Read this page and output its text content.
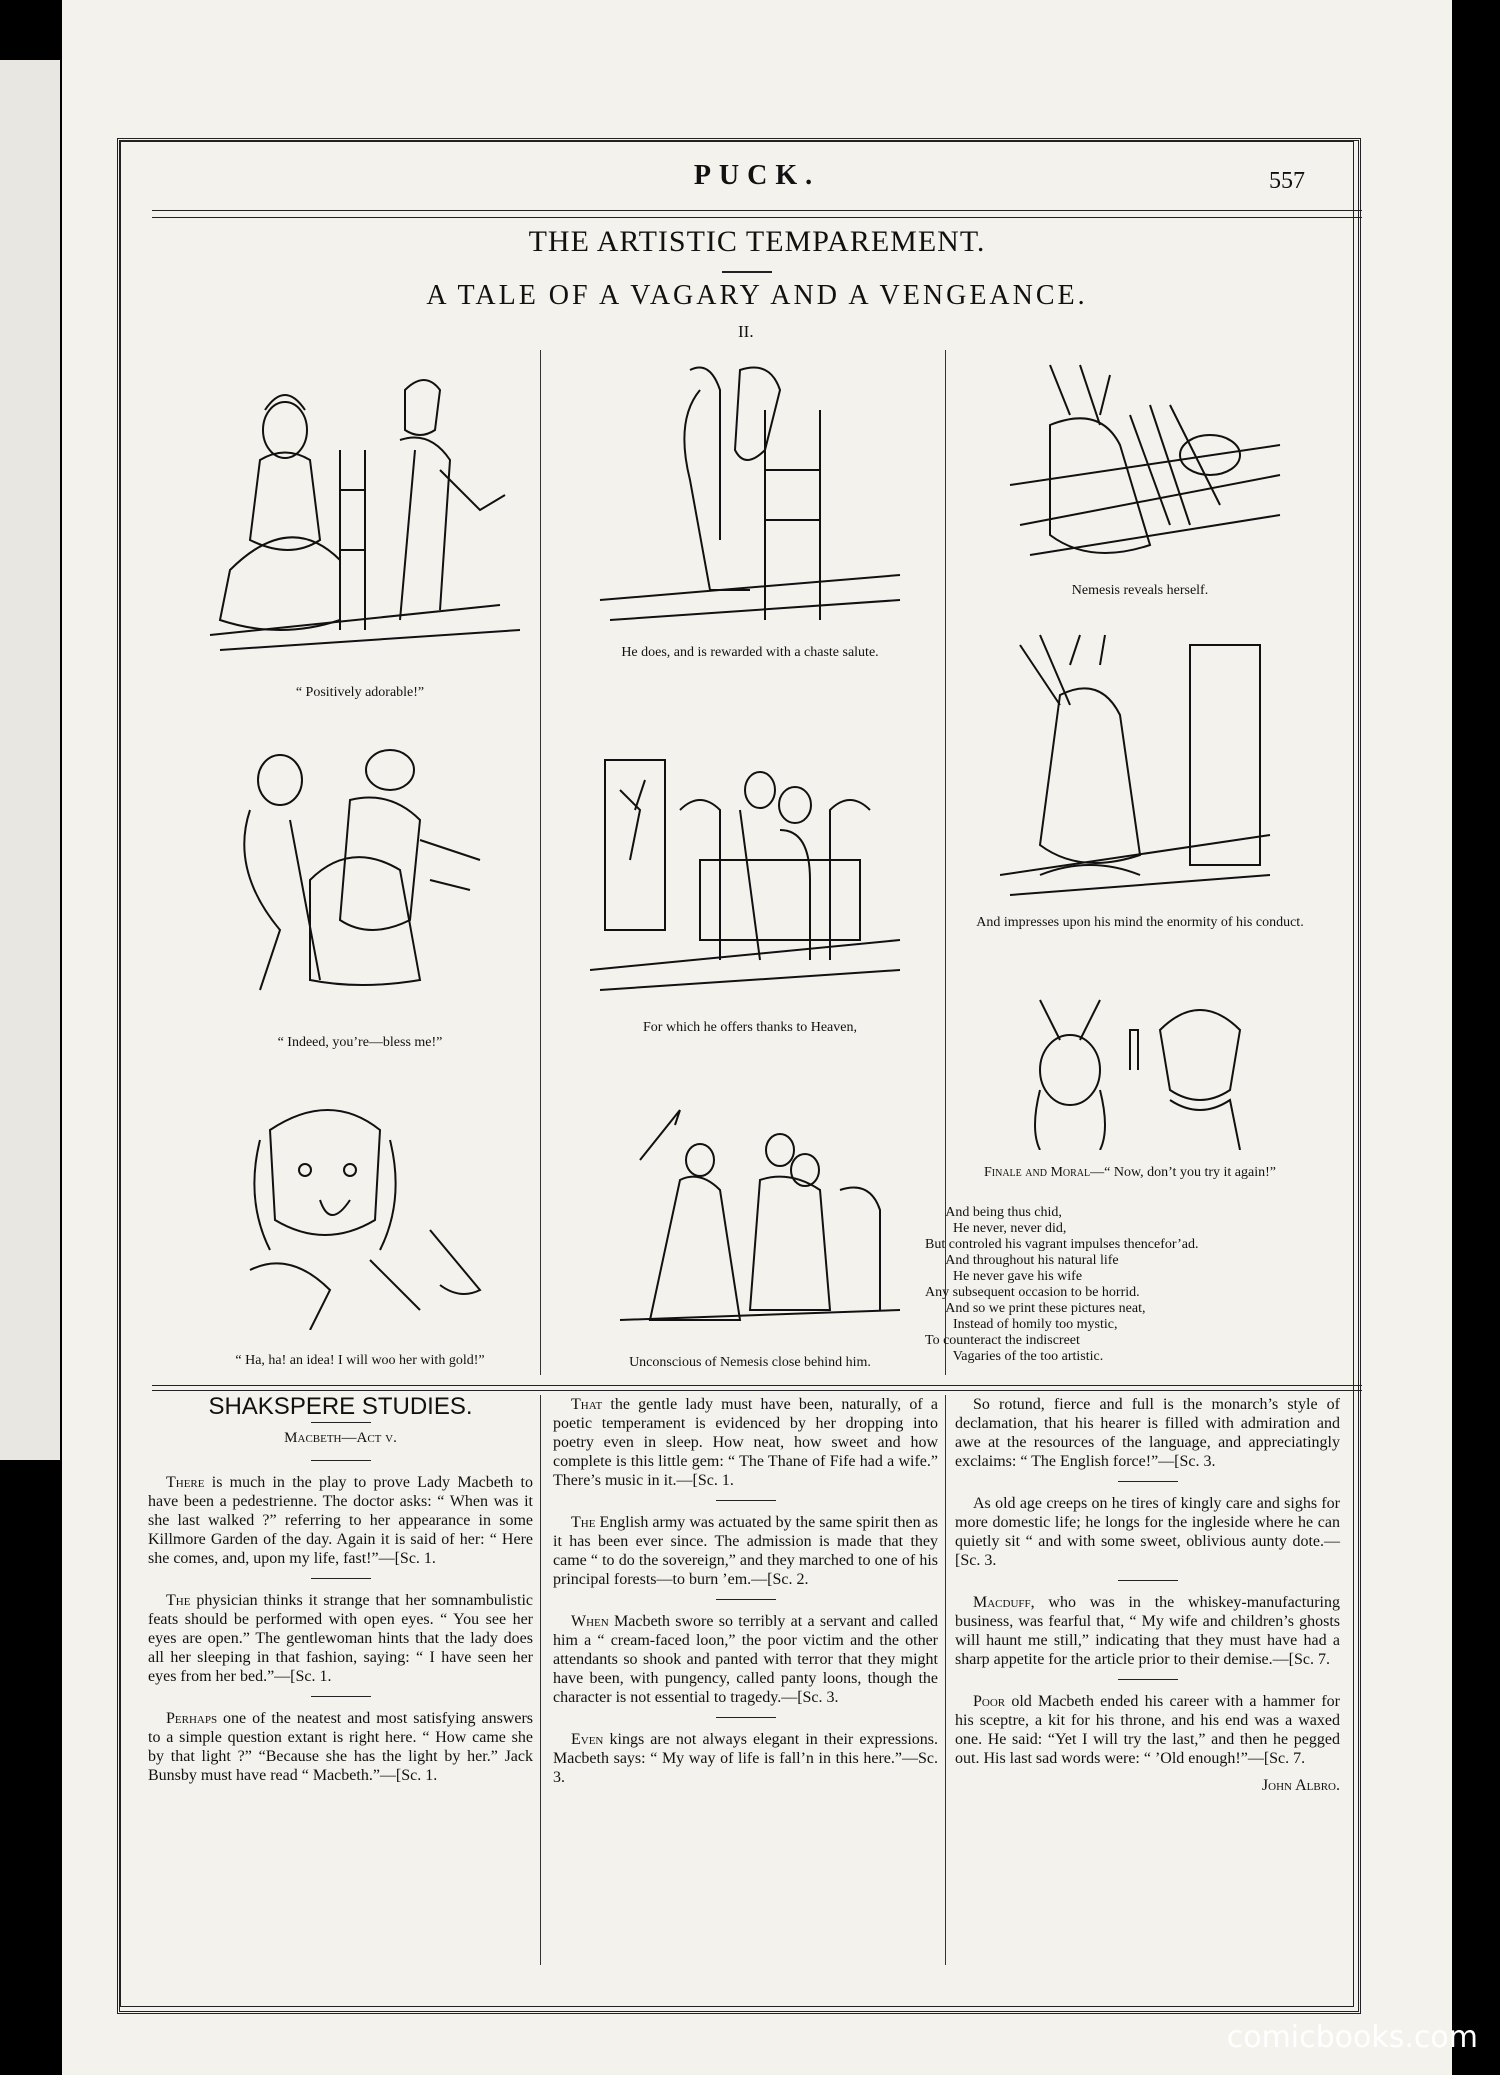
PUCK.	557
THE ARTISTIC TEMPAREMENT.
A TALE OF A VAGARY AND A VENGEANCE.
II.
“ Positively adorable!”
“ Indeed, you’re—bless me!”
“ Ha, ha! an idea! I will woo her with gold!”
He does, and is rewarded with a chaste salute.
For which he offers thanks to Heaven,
Unconscious of Nemesis close behind him.
Nemesis reveals herself.
And impresses upon his mind the enormity of his conduct.
Finale and Moral—“ Now, don’t you try it again!”
And being thus chid,
He never, never did,
But controled his vagrant impulses thencefor’ad.
And throughout his natural life
He never gave his wife
Any subsequent occasion to be horrid.
And so we print these pictures neat,
Instead of homily too mystic,
To counteract the indiscreet
Vagaries of the too artistic.
SHAKSPERE STUDIES.
Macbeth—Act v.

There is much in the play to prove Lady Macbeth to have been a pedestrienne. The doctor asks: “ When was it she last walked ?” referring to her appearance in some Killmore Garden of the day. Again it is said of her: “ Here she comes, and, upon my life, fast!”—[Sc. 1.

The physician thinks it strange that her somnambulistic feats should be performed with open eyes. “ You see her eyes are open.” The gentlewoman hints that the lady does all her sleeping in that fashion, saying: “ I have seen her eyes from her bed.”—[Sc. 1.

Perhaps one of the neatest and most satisfying answers to a simple question extant is right here. “ How came she by that light ?” “Because she has the light by her.” Jack Bunsby must have read “ Macbeth.”—[Sc. 1.

That the gentle lady must have been, naturally, of a poetic temperament is evidenced by her dropping into poetry even in sleep. How neat, how sweet and how complete is this little gem: “ The Thane of Fife had a wife.” There’s music in it.—[Sc. 1.

The English army was actuated by the same spirit then as it has been ever since. The admission is made that they came “ to do the sovereign,” and they marched to one of his principal forests—to burn ’em.—[Sc. 2.

When Macbeth swore so terribly at a servant and called him a “ cream-faced loon,” the poor victim and the other attendants so shook and panted with terror that they might have been, with pungency, called panty loons, though the character is not essential to tragedy.—[Sc. 3.

Even kings are not always elegant in their expressions. Macbeth says: “ My way of life is fall’n in this here.”—Sc. 3.

So rotund, fierce and full is the monarch’s style of declamation, that his hearer is filled with admiration and awe at the resources of the language, and appreciatingly exclaims: “ The English force!”—[Sc. 3.

As old age creeps on he tires of kingly care and sighs for more domestic life; he longs for the ingleside where he can quietly sit “ and with some sweet, oblivious aunty dote.—[Sc. 3.

Macduff, who was in the whiskey-manufacturing business, was fearful that, “ My wife and children’s ghosts will haunt me still,” indicating that they must have had a sharp appetite for the article prior to their demise.—[Sc. 7.

Poor old Macbeth ended his career with a hammer for his sceptre, a kit for his throne, and his end was a waxed one. He said: “Yet I will try the last,” and then he pegged out. His last sad words were: “ ’Old enough!”—[Sc. 7.

John Albro.
comicbooks.com
